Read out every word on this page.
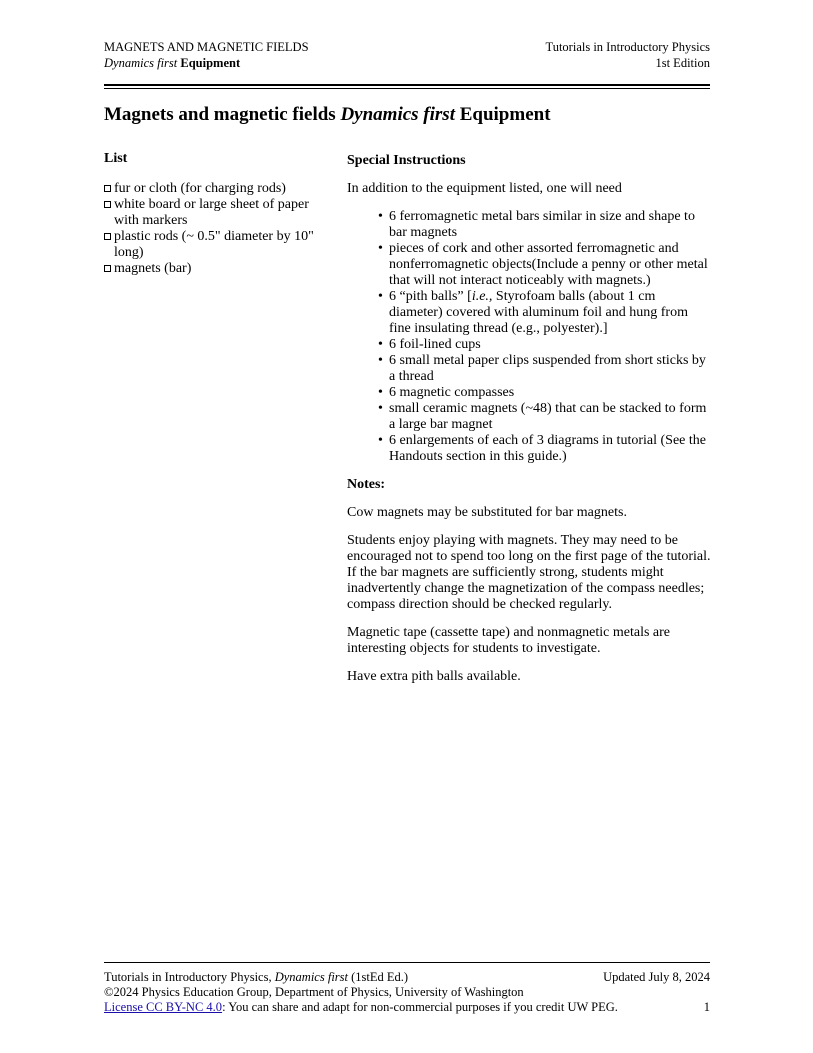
MAGNETS AND MAGNETIC FIELDS
Dynamics first Equipment
Tutorials in Introductory Physics
1st Edition
Magnets and magnetic fields Dynamics first Equipment
List
fur or cloth (for charging rods)
white board or large sheet of paper with markers
plastic rods (~ 0.5" diameter by 10" long)
magnets (bar)
Special Instructions

In addition to the equipment listed, one will need

• 6 ferromagnetic metal bars similar in size and shape to bar magnets
• pieces of cork and other assorted ferromagnetic and nonferromagnetic objects(Include a penny or other metal that will not interact noticeably with magnets.)
• 6 “pith balls” [i.e., Styrofoam balls (about 1 cm diameter) covered with aluminum foil and hung from fine insulating thread (e.g., polyester).]
• 6 foil-lined cups
• 6 small metal paper clips suspended from short sticks by a thread
• 6 magnetic compasses
• small ceramic magnets (~48) that can be stacked to form a large bar magnet
• 6 enlargements of each of 3 diagrams in tutorial (See the Handouts section in this guide.)
Notes:

Cow magnets may be substituted for bar magnets.

Students enjoy playing with magnets. They may need to be encouraged not to spend too long on the first page of the tutorial. If the bar magnets are sufficiently strong, students might inadvertently change the magnetization of the compass needles; compass direction should be checked regularly.

Magnetic tape (cassette tape) and nonmagnetic metals are interesting objects for students to investigate.

Have extra pith balls available.

Tutorials in Introductory Physics, Dynamics first (1stEd Ed.)	Updated July 8, 2024
©2024 Physics Education Group, Department of Physics, University of Washington
License CC BY-NC 4.0: You can share and adapt for non-commercial purposes if you credit UW PEG.	1
